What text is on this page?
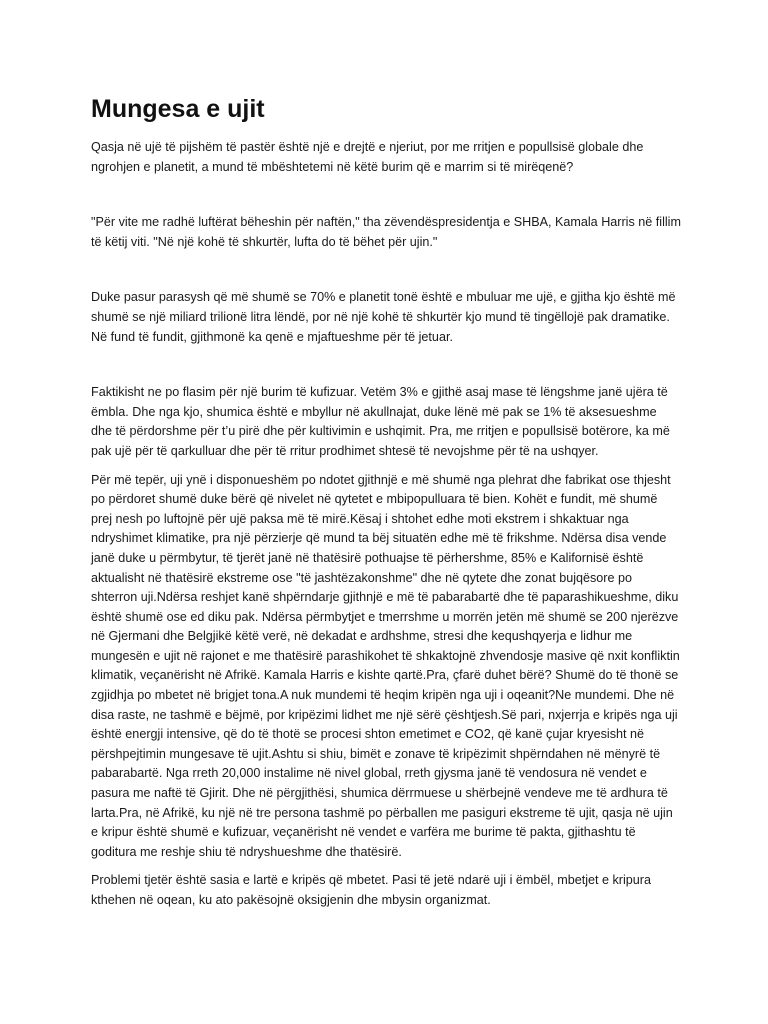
Mungesa e ujit

Qasja në ujë të pijshëm të pastër është një e drejtë e njeriut, por me rritjen e popullsisë globale dhe ngrohjen e planetit, a mund të mbështetemi në këtë burim që e marrim si të mirëqenë?

"Për vite me radhë luftërat bëheshin për naftën," tha zëvendëspresidentja e SHBA, Kamala Harris në fillim të këtij viti. "Në një kohë të shkurtër, lufta do të bëhet për ujin."

Duke pasur parasysh që më shumë se 70% e planetit tonë është e mbuluar me ujë, e gjitha kjo është më shumë se një miliard trilionë litra lëndë, por në një kohë të shkurtër kjo mund të tingëllojë pak dramatike. Në fund të fundit, gjithmonë ka qenë e mjaftueshme për të jetuar.

Faktikisht ne po flasim për një burim të kufizuar. Vetëm 3% e gjithë asaj mase të lëngshme janë ujëra të ëmbla. Dhe nga kjo, shumica është e mbyllur në akullnajat, duke lënë më pak se 1% të aksesueshme dhe të përdorshme për t’u pirë dhe për kultivimin e ushqimit. Pra, me rritjen e popullsisë botërore, ka më pak ujë për të qarkulluar dhe për të rritur prodhimet shtesë të nevojshme për të na ushqyer.

Për më tepër, uji ynë i disponueshëm po ndotet gjithnjë e më shumë nga plehrat dhe fabrikat ose thjesht po përdoret shumë duke bërë që nivelet në qytetet e mbipopulluara të bien. Kohët e fundit, më shumë prej nesh po luftojnë për ujë paksa më të mirë.Kësaj i shtohet edhe moti ekstrem i shkaktuar nga ndryshimet klimatike, pra një përzierje që mund ta bëj situatën edhe më të frikshme. Ndërsa disa vende janë duke u përmbytur, të tjerët janë në thatësirë pothuajse të përhershme, 85% e Kalifornisë është aktualisht në thatësirë ekstreme ose "të jashtëzakonshme" dhe në qytete dhe zonat bujqësore po shterron uji.Ndërsa reshjet kanë shpërndarje gjithnjë e më të pabarabartë dhe të paparashikueshme, diku është shumë ose ed diku pak. Ndërsa përmbytjet e tmerrshme u morrën jetën më shumë se 200 njerëzve në Gjermani dhe Belgjikë këtë verë, në dekadat e ardhshme, stresi dhe kequshqyerja e lidhur me mungesën e ujit në rajonet e me thatësirë parashikohet të shkaktojnë zhvendosje masive që nxit konfliktin klimatik, veçanërisht në Afrikë. Kamala Harris e kishte qartë.Pra, çfarë duhet bërë? Shumë do të thonë se zgjidhja po mbetet në brigjet tona.A nuk mundemi të heqim kripën nga uji i oqeanit?Ne mundemi. Dhe në disa raste, ne tashmë e bëjmë, por kripëzimi lidhet me një sërë çështjesh.Së pari, nxjerrja e kripës nga uji është energji intensive, që do të thotë se procesi shton emetimet e CO2, që kanë çujar kryesisht në përshpejtimin mungesave të ujit.Ashtu si shiu, bimët e zonave të kripëzimit shpërndahen në mënyrë të pabarabartë. Nga rreth 20,000 instalime në nivel global, rreth gjysma janë të vendosura në vendet e pasura me naftë të Gjirit. Dhe në përgjithësi, shumica dërrmuese u shërbejnë vendeve me të ardhura të larta.Pra, në Afrikë, ku një në tre persona tashmë po përballen me pasiguri ekstreme të ujit, qasja në ujin e kripur është shumë e kufizuar, veçanërisht në vendet e varfëra me burime të pakta, gjithashtu të goditura me reshje shiu të ndryshueshme dhe thatësirë.

Problemi tjetër është sasia e lartë e kripës që mbetet. Pasi të jetë ndarë uji i ëmbël, mbetjet e kripura kthehen në oqean, ku ato pakësojnë oksigjenin dhe mbysin organizmat.
